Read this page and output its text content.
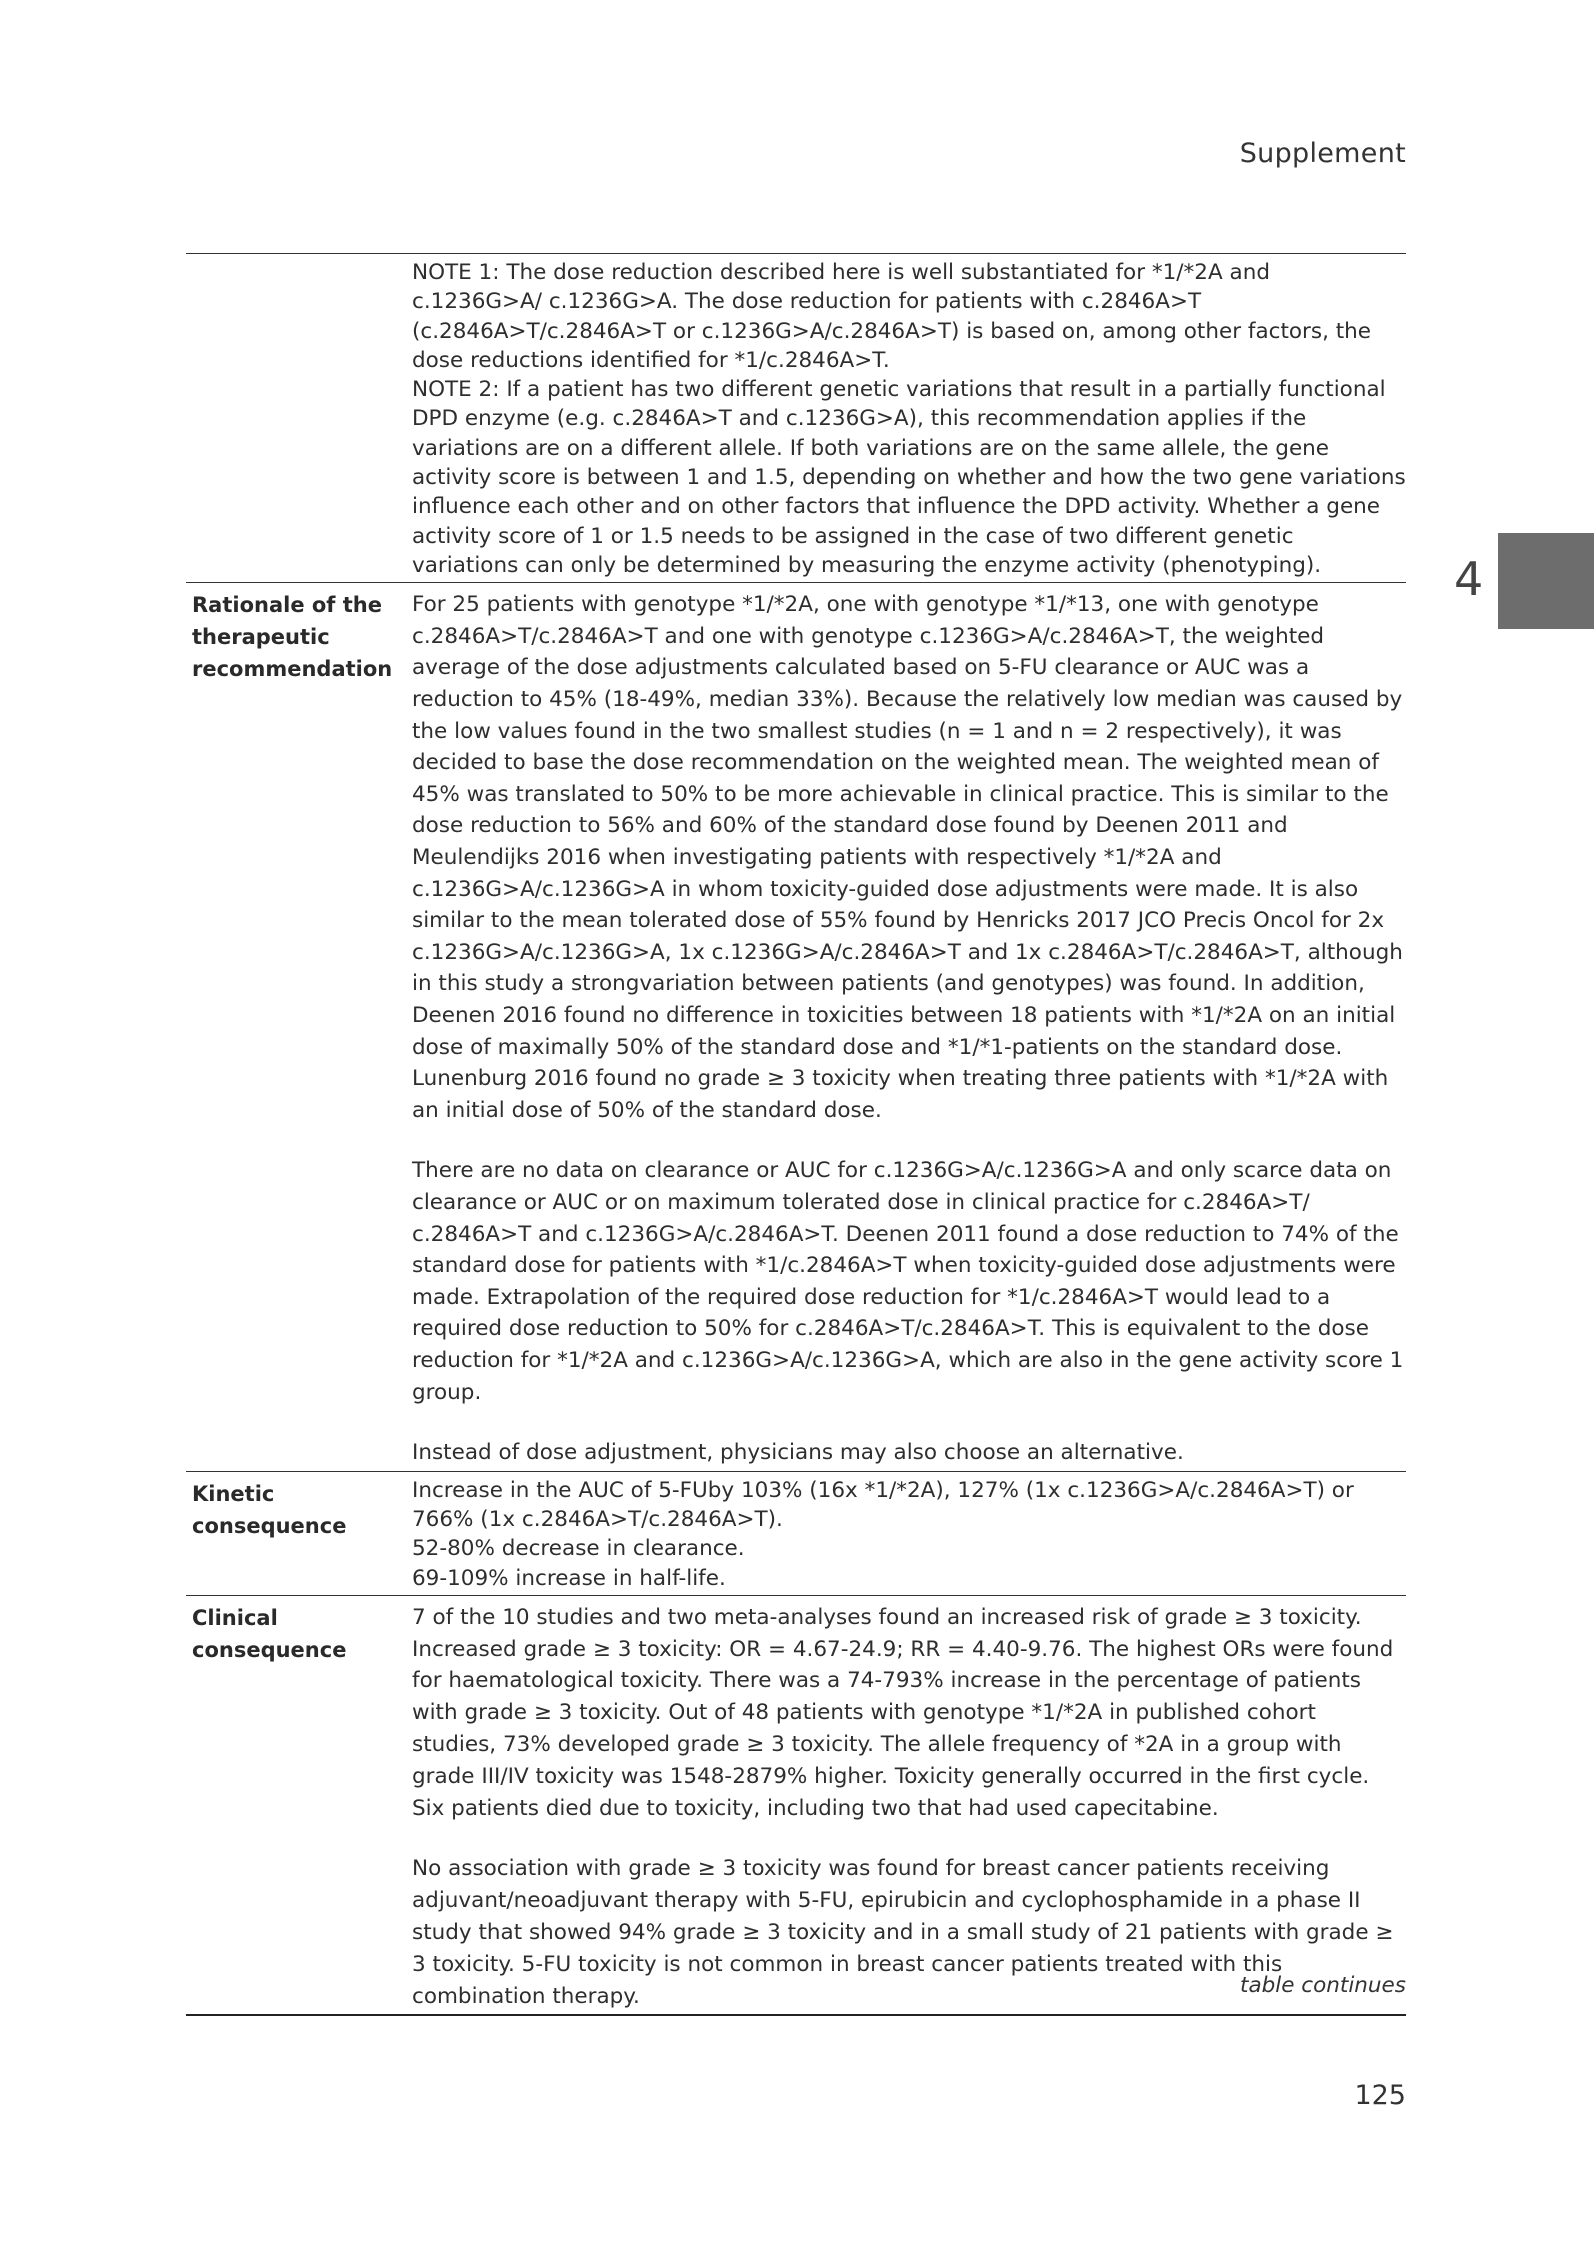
Supplement
4

NOTE 1: The dose reduction described here is well substantiated for *1/*2A and c.1236G>A/ c.1236G>A. The dose reduction for patients with c.2846A>T (c.2846A>T/c.2846A>T or c.1236G>A/c.2846A>T) is based on, among other factors, the dose reductions identified for *1/c.2846A>T.

NOTE 2: If a patient has two different genetic variations that result in a partially functional DPD enzyme (e.g. c.2846A>T and c.1236G>A), this recommendation applies if the variations are on a different allele. If both variations are on the same allele, the gene activity score is between 1 and 1.5, depending on whether and how the two gene variations influence each other and on other factors that influence the DPD activity. Whether a gene activity score of 1 or 1.5 needs to be assigned in the case of two different genetic variations can only be determined by measuring the enzyme activity (phenotyping).

Rationale of the therapeutic recommendation

For 25 patients with genotype *1/*2A, one with genotype *1/*13, one with genotype c.2846A>T/c.2846A>T and one with genotype c.1236G>A/c.2846A>T, the weighted average of the dose adjustments calculated based on 5-FU clearance or AUC was a reduction to 45% (18-49%, median 33%). Because the relatively low median was caused by the low values found in the two smallest studies (n = 1 and n = 2 respectively), it was decided to base the dose recommendation on the weighted mean. The weighted mean of 45% was translated to 50% to be more achievable in clinical practice. This is similar to the dose reduction to 56% and 60% of the standard dose found by Deenen 2011 and Meulendijks 2016 when investigating patients with respectively *1/*2A and c.1236G>A/c.1236G>A in whom toxicity-guided dose adjustments were made. It is also similar to the mean tolerated dose of 55% found by Henricks 2017 JCO Precis Oncol for 2x c.1236G>A/c.1236G>A, 1x c.1236G>A/c.2846A>T and 1x c.2846A>T/c.2846A>T, although in this study a strongvariation between patients (and genotypes) was found. In addition, Deenen 2016 found no difference in toxicities between 18 patients with *1/*2A on an initial dose of maximally 50% of the standard dose and *1/*1-patients on the standard dose. Lunenburg 2016 found no grade ≥ 3 toxicity when treating three patients with *1/*2A with an initial dose of 50% of the standard dose.

There are no data on clearance or AUC for c.1236G>A/c.1236G>A and only scarce data on clearance or AUC or on maximum tolerated dose in clinical practice for c.2846A>T/ c.2846A>T and c.1236G>A/c.2846A>T. Deenen 2011 found a dose reduction to 74% of the standard dose for patients with *1/c.2846A>T when toxicity-guided dose adjustments were made. Extrapolation of the required dose reduction for *1/c.2846A>T would lead to a required dose reduction to 50% for c.2846A>T/c.2846A>T. This is equivalent to the dose reduction for *1/*2A and c.1236G>A/c.1236G>A, which are also in the gene activity score 1 group.

Instead of dose adjustment, physicians may also choose an alternative.

Kinetic consequence

Increase in the AUC of 5-FUby 103% (16x *1/*2A), 127% (1x c.1236G>A/c.2846A>T) or 766% (1x c.2846A>T/c.2846A>T).

52-80% decrease in clearance.

69-109% increase in half-life.

Clinical consequence

7 of the 10 studies and two meta-analyses found an increased risk of grade ≥ 3 toxicity. Increased grade ≥ 3 toxicity: OR = 4.67-24.9; RR = 4.40-9.76. The highest ORs were found for haematological toxicity. There was a 74-793% increase in the percentage of patients with grade ≥ 3 toxicity. Out of 48 patients with genotype *1/*2A in published cohort studies, 73% developed grade ≥ 3 toxicity. The allele frequency of *2A in a group with grade III/IV toxicity was 1548-2879% higher. Toxicity generally occurred in the first cycle. Six patients died due to toxicity, including two that had used capecitabine.

No association with grade ≥ 3 toxicity was found for breast cancer patients receiving adjuvant/neoadjuvant therapy with 5-FU, epirubicin and cyclophosphamide in a phase II study that showed 94% grade ≥ 3 toxicity and in a small study of 21 patients with grade ≥ 3 toxicity. 5-FU toxicity is not common in breast cancer patients treated with this combination therapy.	table continues
125
